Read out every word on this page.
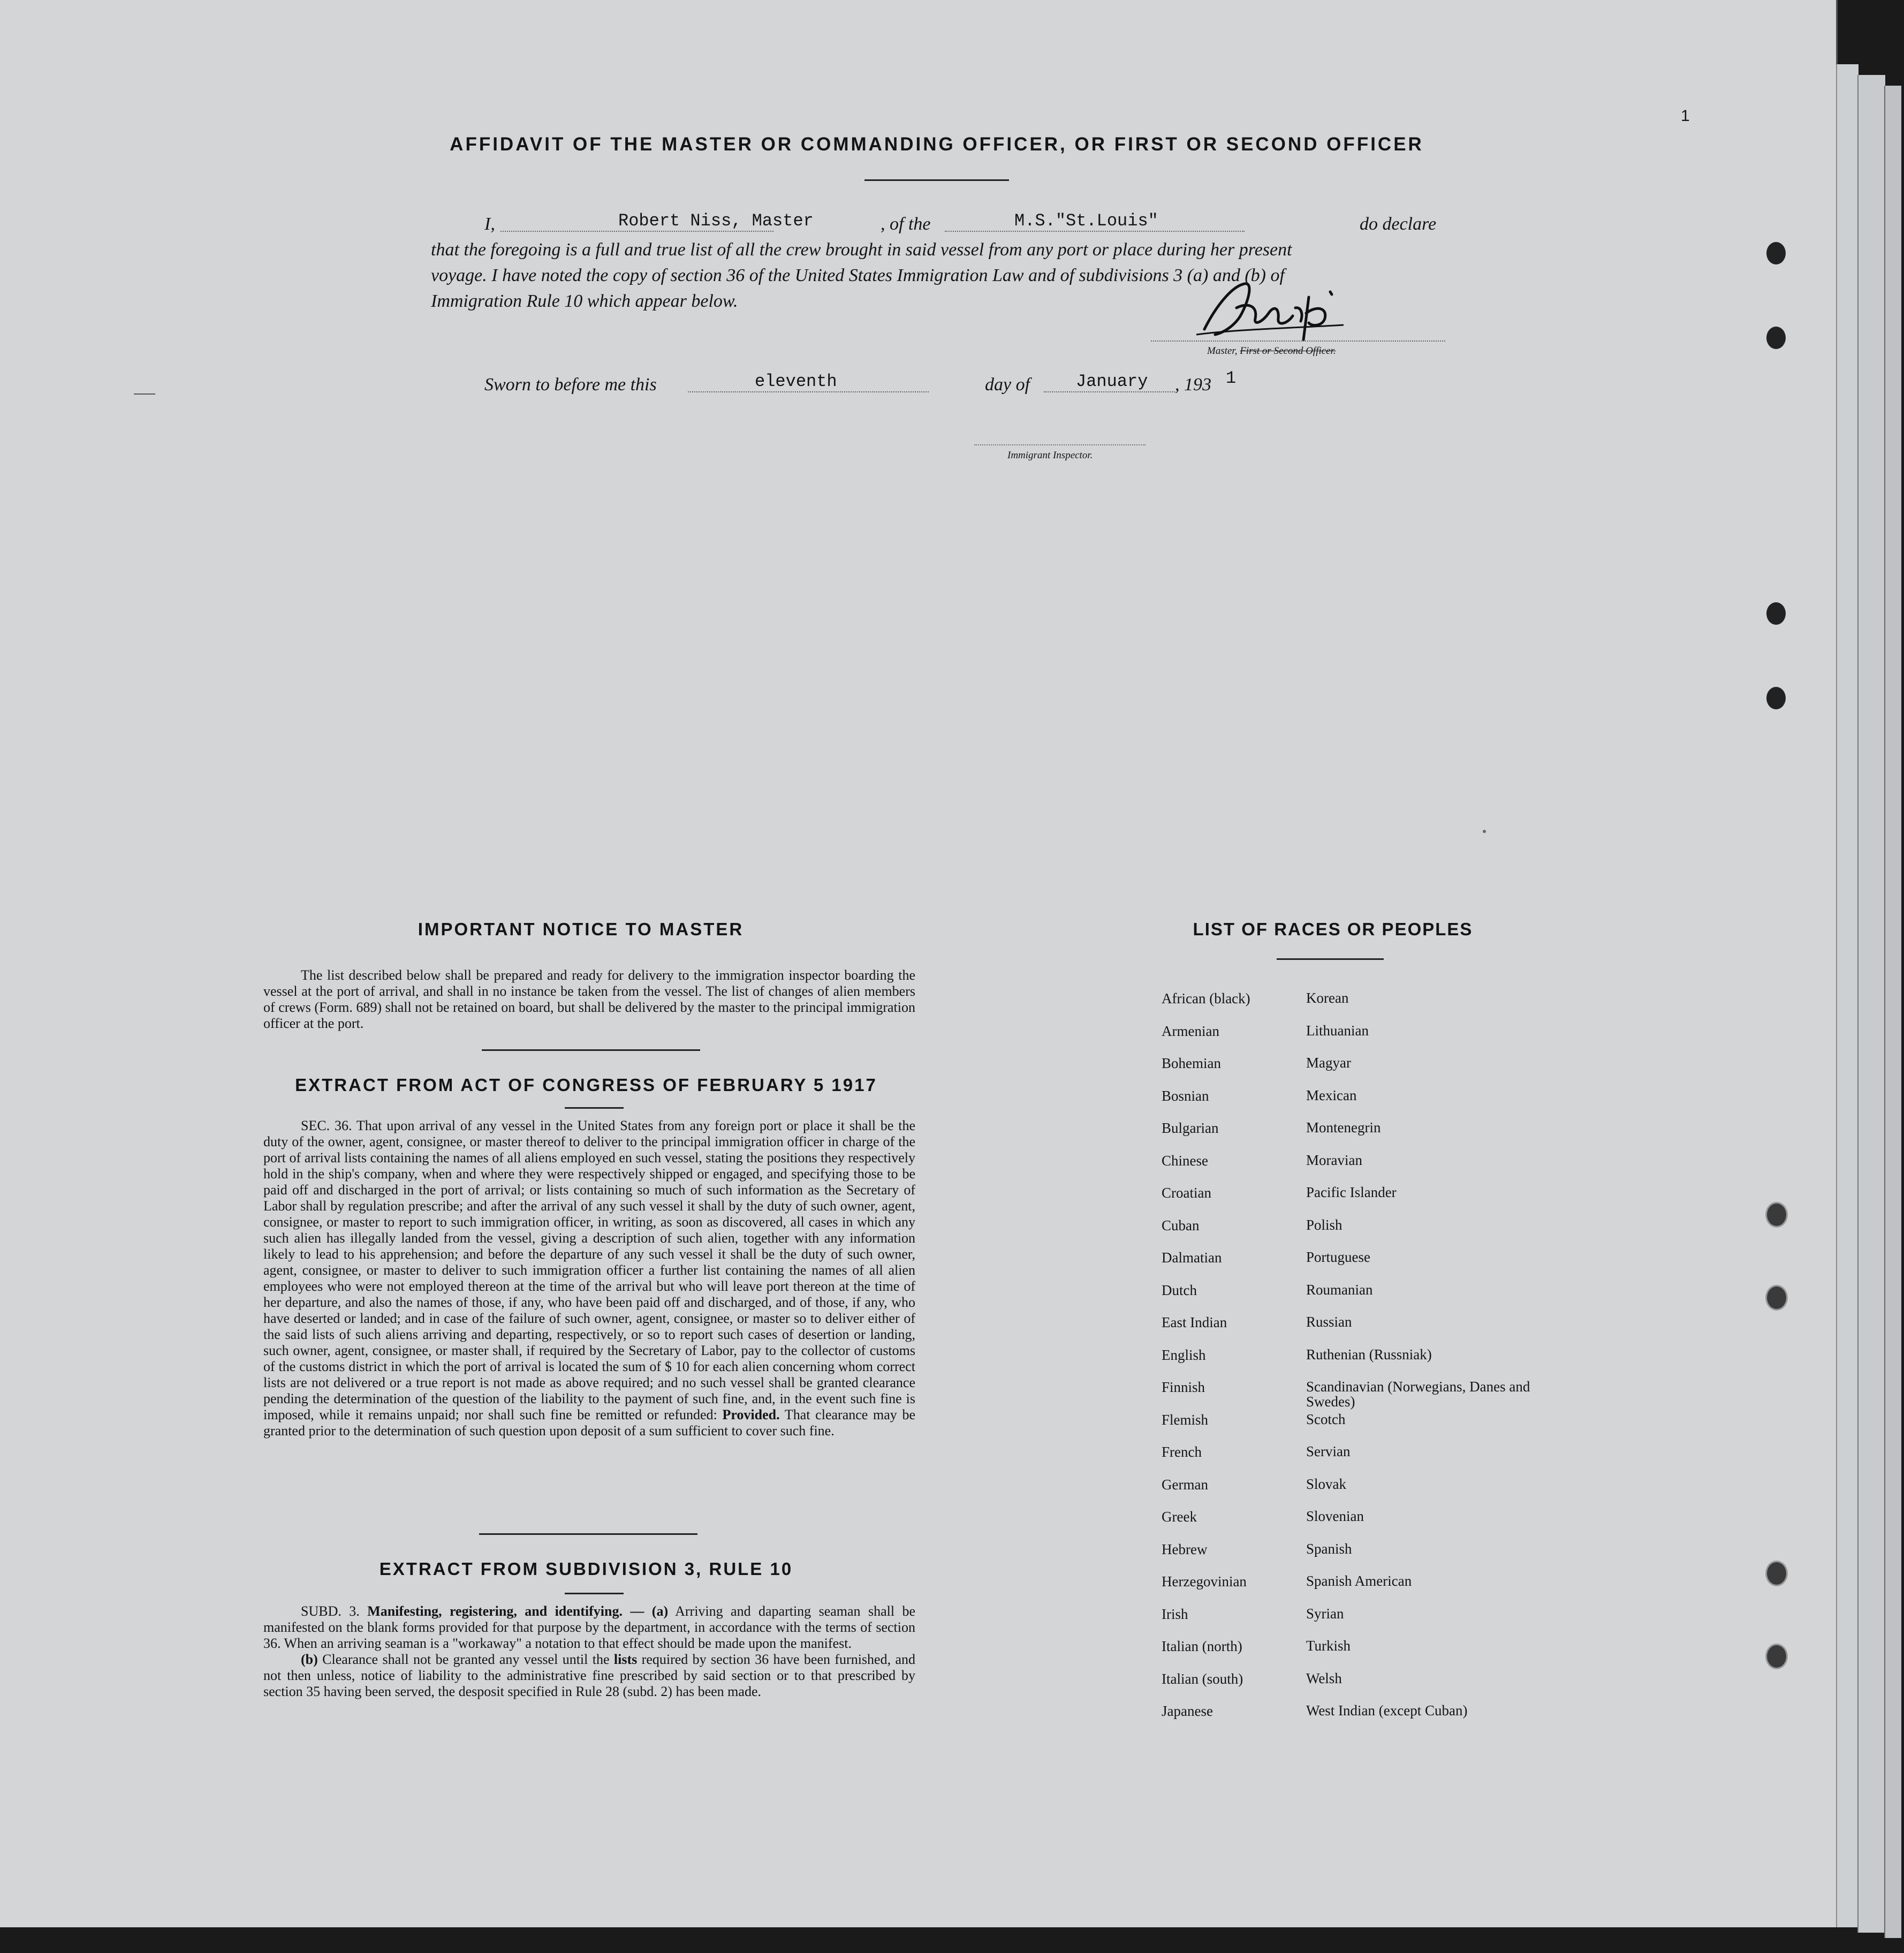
1
AFFIDAVIT OF THE MASTER OR COMMANDING OFFICER, OR FIRST OR SECOND OFFICER
I,	Robert Niss, Master	, of the	M.S."St.Louis"	do declare
that the foregoing is a full and true list of all the crew brought in said vessel from any port or place during her present
voyage. I have noted the copy of section 36 of the United States Immigration Law and of subdivisions 3 (a) and (b) of
Immigration Rule 10 which appear below.
Master, First or Second Officer.
Sworn to before me this	eleventh	day of	January , 193 1
Immigrant Inspector.
IMPORTANT NOTICE TO MASTER
The list described below shall be prepared and ready for delivery to the immigration inspector boarding the vessel at the port of arrival, and shall in no instance be taken from the vessel. The list of changes of alien members of crews (Form. 689) shall not be retained on board, but shall be delivered by the master to the principal immigration officer at the port.
EXTRACT FROM ACT OF CONGRESS OF FEBRUARY 5 1917
SEC. 36. That upon arrival of any vessel in the United States from any foreign port or place it shall be the duty of the owner, agent, consignee, or master thereof to deliver to the principal immigration officer in charge of the port of arrival lists containing the names of all aliens employed en such vessel, stating the positions they respectively hold in the ship's company, when and where they were respectively shipped or engaged, and specifying those to be paid off and discharged in the port of arrival; or lists containing so much of such information as the Secretary of Labor shall by regulation prescribe; and after the arrival of any such vessel it shall by the duty of such owner, agent, consignee, or master to report to such immigration officer, in writing, as soon as discovered, all cases in which any such alien has illegally landed from the vessel, giving a description of such alien, together with any information likely to lead to his apprehension; and before the departure of any such vessel it shall be the duty of such owner, agent, consignee, or master to deliver to such immigration officer a further list containing the names of all alien employees who were not employed thereon at the time of the arrival but who will leave port thereon at the time of her departure, and also the names of those, if any, who have been paid off and discharged, and of those, if any, who have deserted or landed; and in case of the failure of such owner, agent, consignee, or master so to deliver either of the said lists of such aliens arriving and departing, respectively, or so to report such cases of desertion or landing, such owner, agent, consignee, or master shall, if required by the Secretary of Labor, pay to the collector of customs of the customs district in which the port of arrival is located the sum of $ 10 for each alien concerning whom correct lists are not delivered or a true report is not made as above required; and no such vessel shall be granted clearance pending the determination of the question of the liability to the payment of such fine, and, in the event such fine is imposed, while it remains unpaid; nor shall such fine be remitted or refunded: Provided. That clearance may be granted prior to the determination of such question upon deposit of a sum sufficient to cover such fine.
EXTRACT FROM SUBDIVISION 3, RULE 10
SUBD. 3. Manifesting, registering, and identifying. — (a) Arriving and daparting seaman shall be manifested on the blank forms provided for that purpose by the department, in accordance with the terms of section 36. When an arriving seaman is a "workaway" a notation to that effect should be made upon the manifest.
(b) Clearance shall not be granted any vessel until the lists required by section 36 have been furnished, and not then unless, notice of liability to the administrative fine prescribed by said section or to that prescribed by section 35 having been served, the desposit specified in Rule 28 (subd. 2) has been made.
LIST OF RACES OR PEOPLES
African (black)	Korean
Armenian	Lithuanian
Bohemian	Magyar
Bosnian	Mexican
Bulgarian	Montenegrin
Chinese	Moravian
Croatian	Pacific Islander
Cuban	Polish
Dalmatian	Portuguese
Dutch	Roumanian
East Indian	Russian
English	Ruthenian (Russniak)
Finnish	Scandinavian (Norwegians, Danes and Swedes)
Flemish	Scotch
French	Servian
German	Slovak
Greek	Slovenian
Hebrew	Spanish
Herzegovinian	Spanish American
Irish	Syrian
Italian (north)	Turkish
Italian (south)	Welsh
Japanese	West Indian (except Cuban)
